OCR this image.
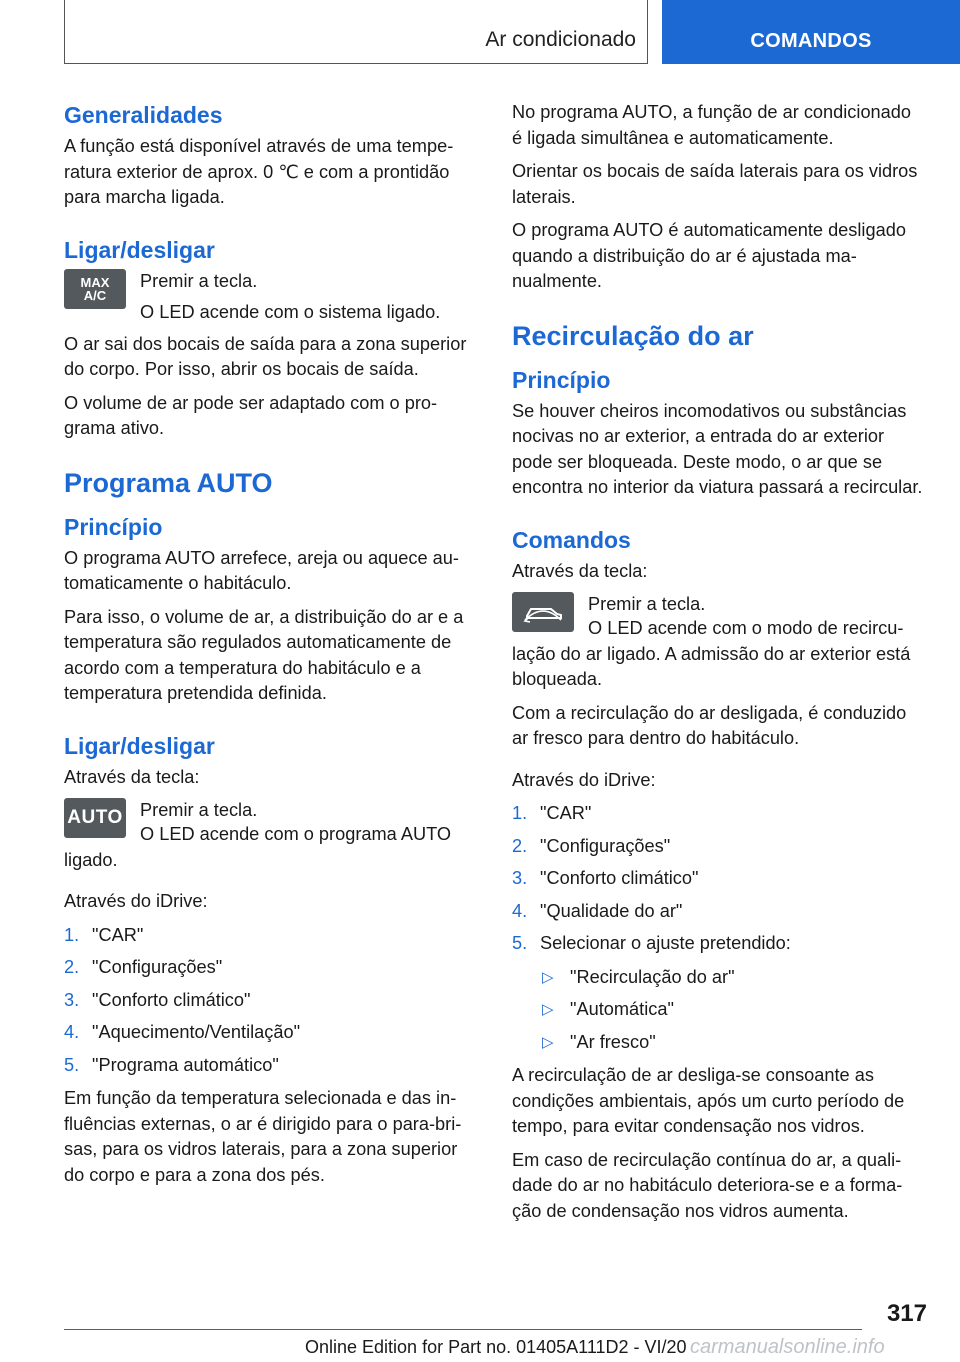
Ar condicionado	COMANDOS
Generalidades

A função está disponível através de uma temperatura exterior de aprox. 0 ℃ e com a prontidão para marcha ligada.

Ligar/desligar
MAX
A/C

Premir a tecla.

O LED acende com o sistema ligado.

O ar sai dos bocais de saída para a zona superior do corpo. Por isso, abrir os bocais de saída.

O volume de ar pode ser adaptado com o programa ativo.

Programa AUTO
Princípio

O programa AUTO arrefece, areja ou aquece automaticamente o habitáculo.

Para isso, o volume de ar, a distribuição do ar e a temperatura são regulados automaticamente de acordo com a temperatura do habitáculo e a temperatura pretendida definida.

Ligar/desligar

Através da tecla:

AUTO Premir a tecla.

O LED acende com o programa AUTO ligado.

Através do iDrive:

1. "CAR"
2. "Configurações"
3. "Conforto climático"
4. "Aquecimento/Ventilação"
5. "Programa automático"

Em função da temperatura selecionada e das influências externas, o ar é dirigido para o para-brisas, para os vidros laterais, para a zona superior do corpo e para a zona dos pés.

No programa AUTO, a função de ar condicionado é ligada simultânea e automaticamente.

Orientar os bocais de saída laterais para os vidros laterais.

O programa AUTO é automaticamente desligado quando a distribuição do ar é ajustada manualmente.

Recirculação do ar
Princípio

Se houver cheiros incomodativos ou substâncias nocivas no ar exterior, a entrada do ar exterior pode ser bloqueada. Deste modo, o ar que se encontra no interior da viatura passará a recircular.

Comandos

Através da tecla:

Premir a tecla.

O LED acende com o modo de recirculação do ar ligado. A admissão do ar exterior está bloqueada.

Com a recirculação do ar desligada, é conduzido ar fresco para dentro do habitáculo.

Através do iDrive:

1. "CAR"
2. "Configurações"
3. "Conforto climático"
4. "Qualidade do ar"
5. Selecionar o ajuste pretendido:
▷ "Recirculação do ar"
▷ "Automática"
▷ "Ar fresco"

A recirculação de ar desliga-se consoante as condições ambientais, após um curto período de tempo, para evitar condensação nos vidros.

Em caso de recirculação contínua do ar, a qualidade do ar no habitáculo deteriora-se e a formação de condensação nos vidros aumenta.

317
Online Edition for Part no. 01405A111D2 - VI/20 carmanualsonline.info
